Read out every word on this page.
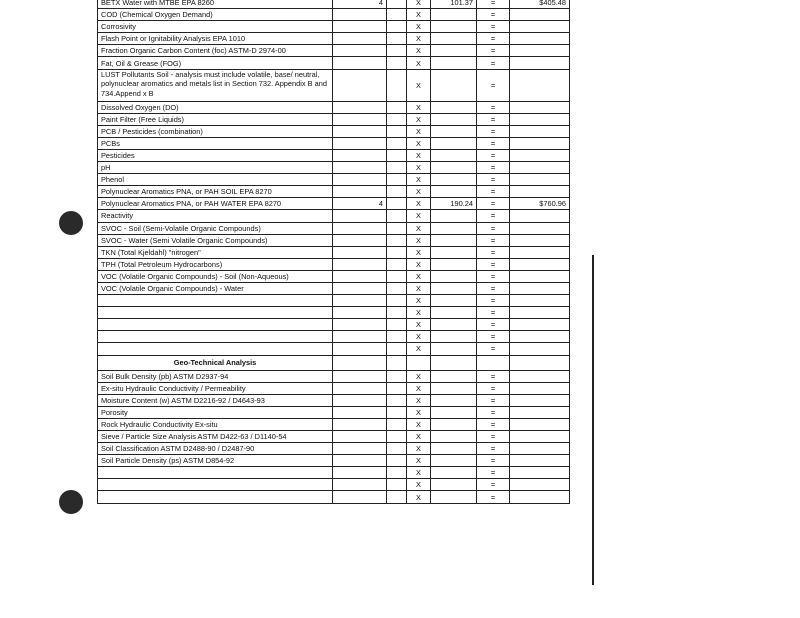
BETX Water with MTBE EPA 8260	4		X	101.37	=	$405.48
COD (Chemical Oxygen Demand)			X		=	
Corrosivity			X		=	
Flash Point or Ignitability Analysis EPA 1010			X		=	
Fraction Organic Carbon Content (foc) ASTM-D 2974-00			X		=	
Fat, Oil & Grease (FOG)			X		=	
LUST Pollutants Soil - analysis must include volatile, base/ neutral, polynuclear aromatics and metals list in Section 732. Appendix B and 734.Append x B			X		=	
Dissolved Oxygen (DO)			X		=	
Paint Filter (Free Liquids)			X		=	
PCB / Pesticides (combination)			X		=	
PCBs			X		=	
Pesticides			X		=	
pH			X		=	
Phenol			X		=	
Polynuclear Aromatics PNA, or PAH SOIL EPA 8270			X		=	
Polynuclear Aromatics PNA, or PAH WATER EPA 8270	4		X	190.24	=	$760.96
Reactivity			X		=	
SVOC - Soil (Semi-Volatile Organic Compounds)			X		=	
SVOC - Water (Semi Volatile Organic Compounds)			X		=	
TKN (Total Kjeldahl) "nitrogen"			X		=	
TPH (Total Petroleum Hydrocarbons)			X		=	
VOC (Volatile Organic Compounds) - Soil (Non-Aqueous)			X		=	
VOC (Volatile Organic Compounds) - Water			X		=	
			X		=	
			X		=	
			X		=	
			X		=	
			X		=	
Geo-Technical Analysis						
Soil Bulk Density (pb) ASTM D2937-94			X		=	
Ex-situ Hydraulic Conductivity / Permeability			X		=	
Moisture Content (w) ASTM D2216-92 / D4643-93			X		=	
Porosity			X		=	
Rock Hydraulic Conductivity Ex-situ			X		=	
Sieve / Particle Size Analysis ASTM D422-63 / D1140-54			X		=	
Soil Classification ASTM D2488-90 / D2487-90			X		=	
Soil Particle Density (ps) ASTM D854-92			X		=	
			X		=	
			X		=	
			X		=	
